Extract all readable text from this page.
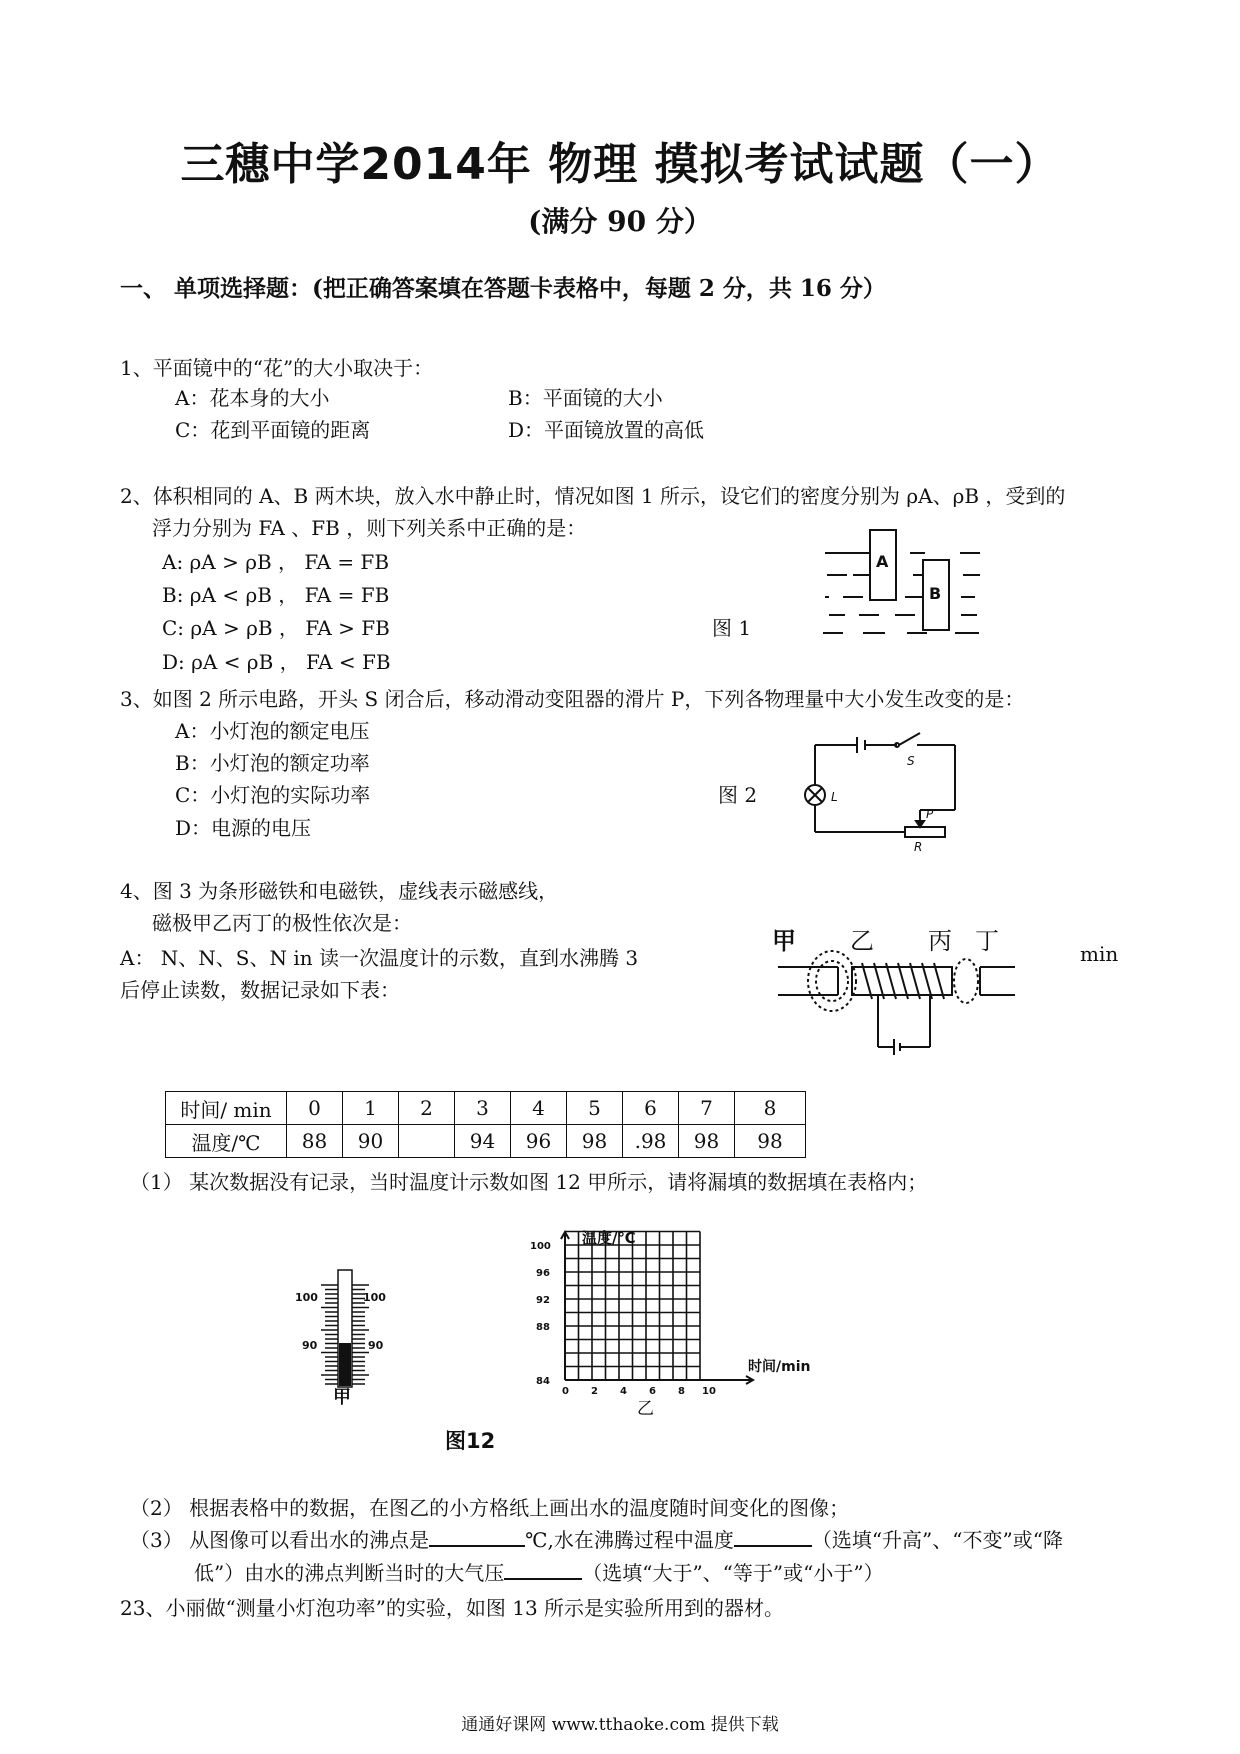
三穗中学2014年 物理 摸拟考试试题（一）
(满分 90 分）
一、 单项选择题：(把正确答案填在答题卡表格中，每题 2 分，共 16 分）
1、平面镜中的“花”的大小取决于：
A：花本身的大小	B：平面镜的大小
C：花到平面镜的距离	D：平面镜放置的高低
2、体积相同的 A、B 两木块，放入水中静止时，情况如图 1 所示，设它们的密度分别为 ρA、ρB ，受到的
浮力分别为 FA 、FB ，则下列关系中正确的是：
A: ρA > ρB ， FA = FB
B: ρA < ρB ， FA = FB
C: ρA > ρB ， FA > FB
D: ρA < ρB ， FA < FB
图 1
A
B
3、如图 2 所示电路，开头 S 闭合后，移动滑动变阻器的滑片 P，下列各物理量中大小发生改变的是：
A：小灯泡的额定电压
B：小灯泡的额定功率
C：小灯泡的实际功率
D：电源的电压
图 2	L
S
P
R
4、图 3 为条形磁铁和电磁铁，虚线表示磁感线，
磁极甲乙丙丁的极性依次是：
A： N、N、S、N in 读一次温度计的示数，直到水沸腾 3	min
后停止读数，数据记录如下表：
甲 乙 丙 丁
时间/ min	0	1	2	3	4	5	6	7	8
温度/℃	88	90		94	96	98	.98	98	98
（1） 某次数据没有记录，当时温度计示数如图 12 甲所示，请将漏填的数据填在表格内；
100	100
90	90
甲
温度/℃
时间/min
100
96
92
88
84
0 2 4 6 8 10
乙
图12
（2） 根据表格中的数据，在图乙的小方格纸上画出水的温度随时间变化的图像；
（3） 从图像可以看出水的沸点是	℃,水在沸腾过程中温度	（选填“升高”、“不变”或“降
低”）由水的沸点判断当时的大气压	（选填“大于”、“等于”或“小于”）
23、小丽做“测量小灯泡功率”的实验，如图 13 所示是实验所用到的器材。
通通好课网 www.tthaoke.com 提供下载
